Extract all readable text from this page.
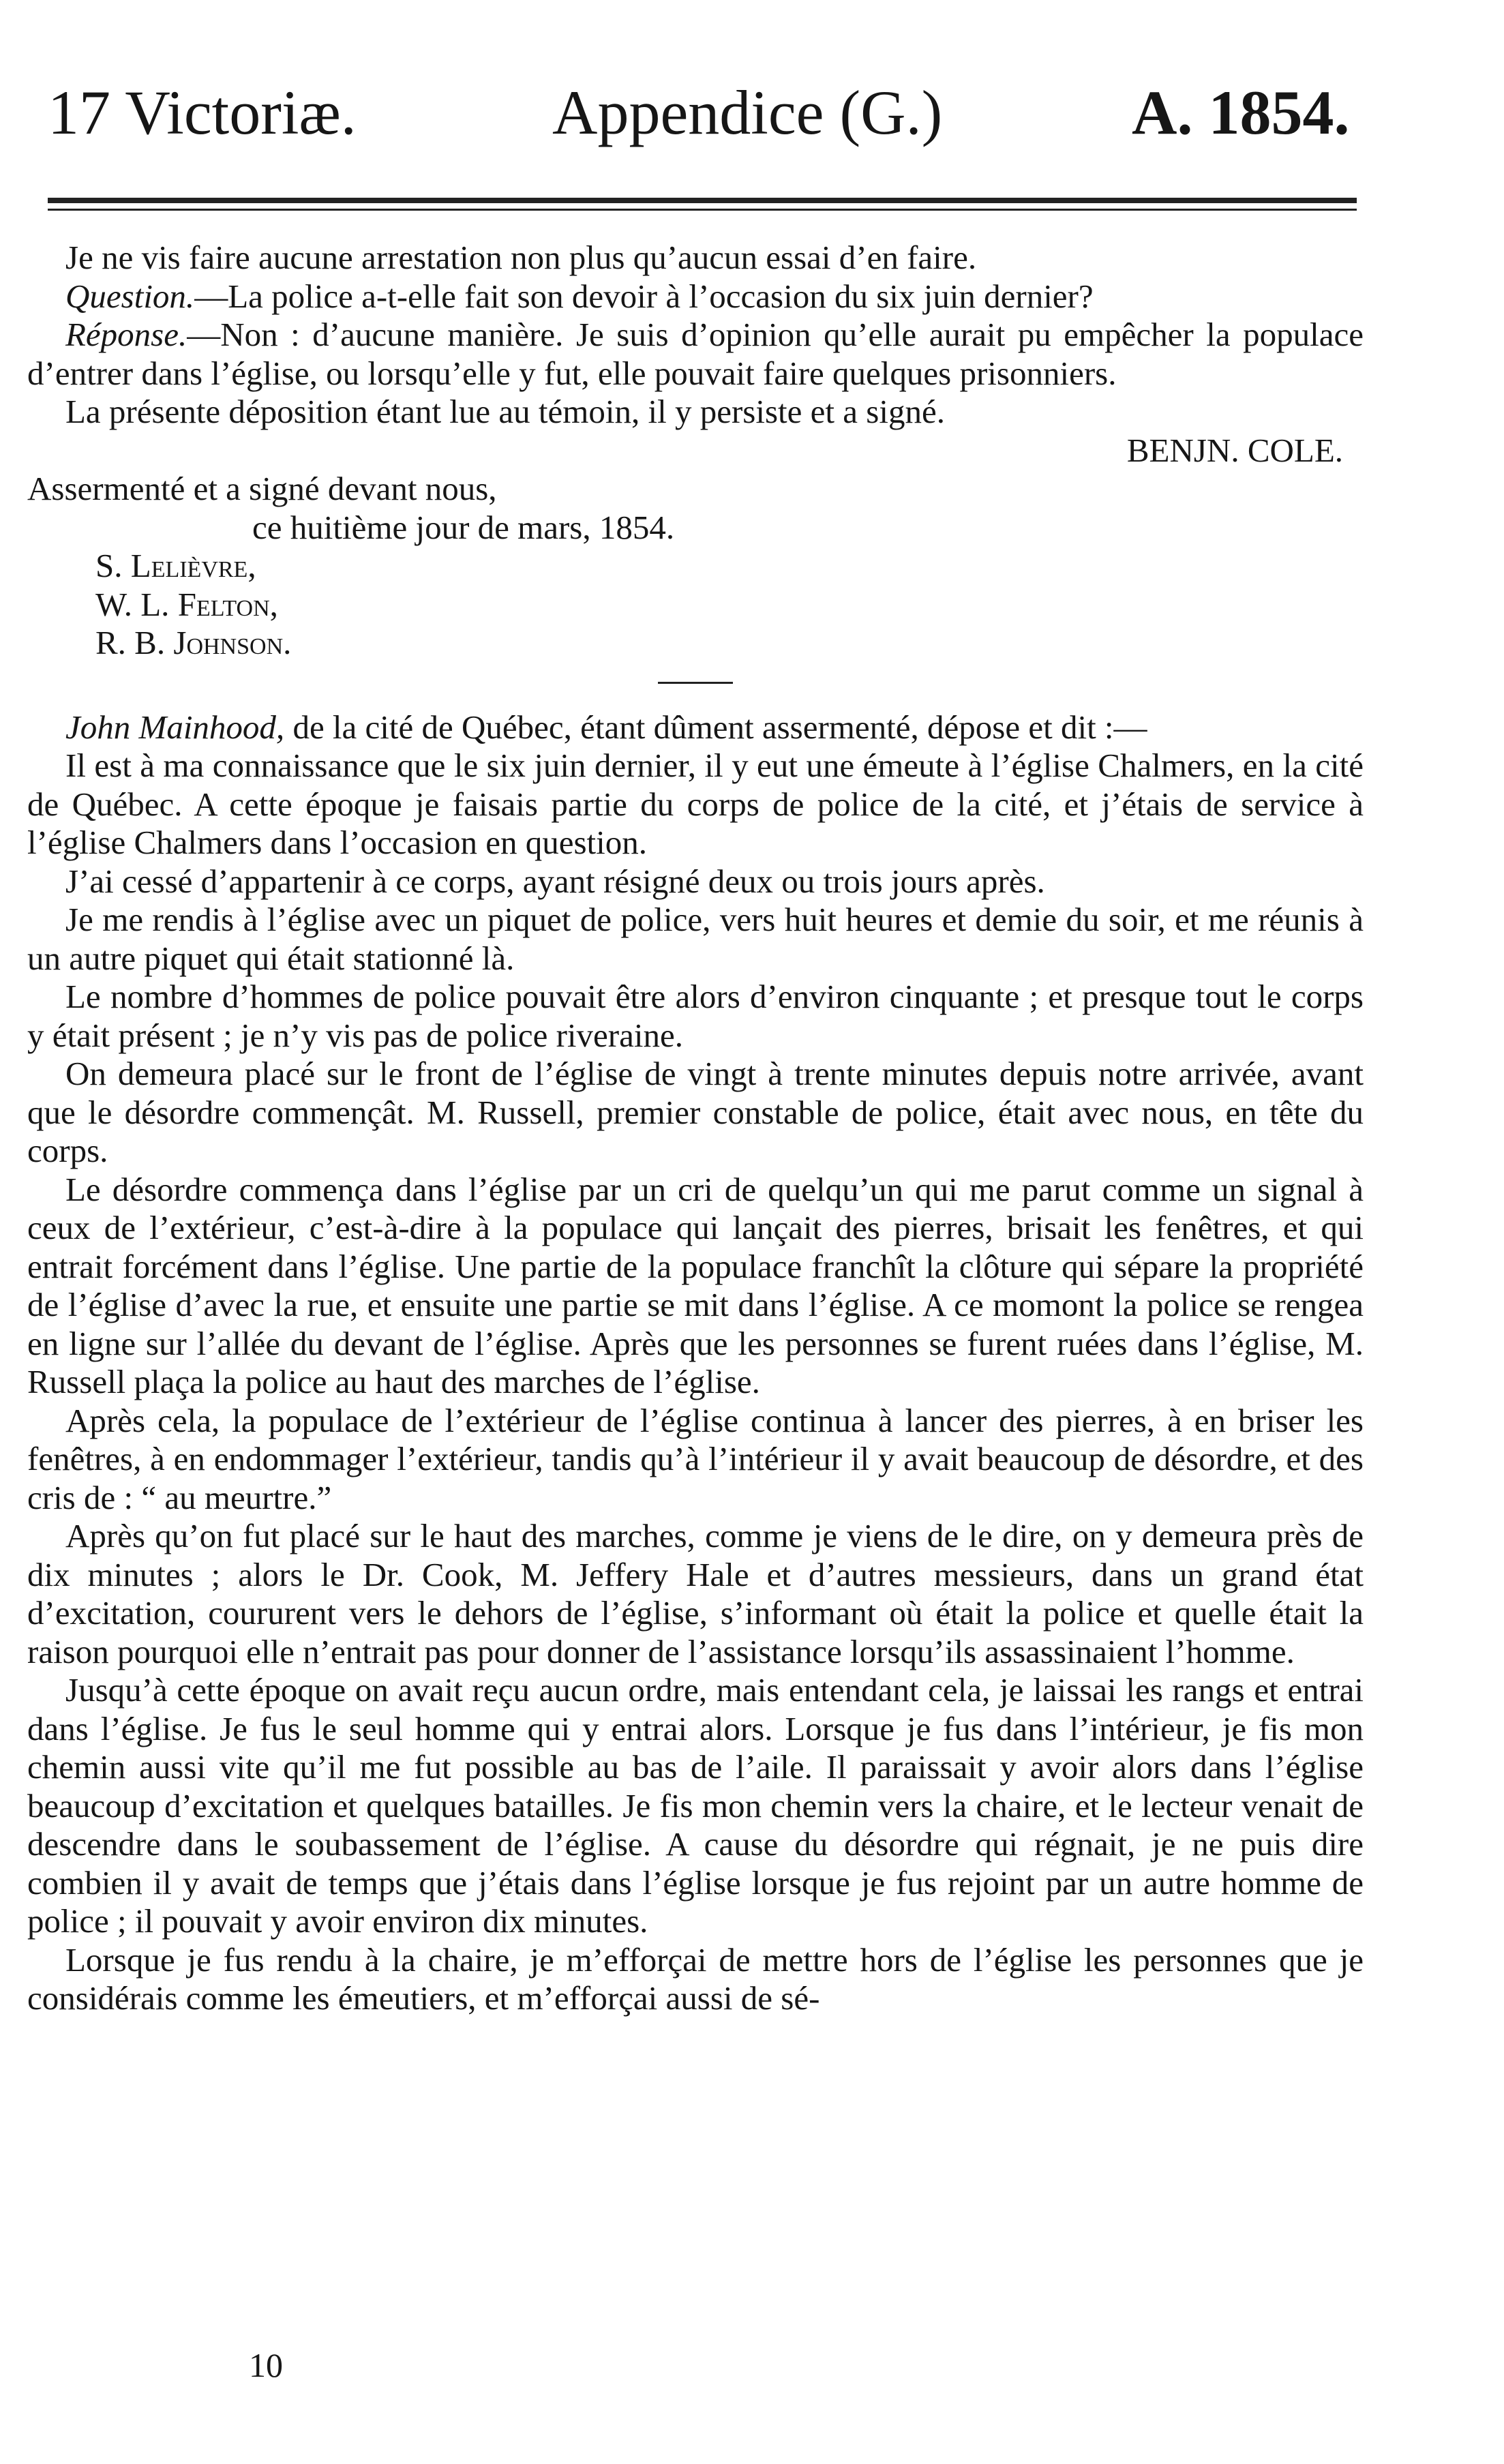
17 Victoriæ.	Appendice (G.)	A. 1854.

Je ne vis faire aucune arrestation non plus qu’aucun essai d’en faire.

Question.—La police a-t-elle fait son devoir à l’occasion du six juin dernier?

Réponse.—Non : d’aucune manière. Je suis d’opinion qu’elle aurait pu empêcher la populace d’entrer dans l’église, ou lorsqu’elle y fut, elle pouvait faire quelques prisonniers.

La présente déposition étant lue au témoin, il y persiste et a signé.

BENJN. COLE.

Assermenté et a signé devant nous,

ce huitième jour de mars, 1854.

S. Lelièvre,

W. L. Felton,

R. B. Johnson.

John Mainhood, de la cité de Québec, étant dûment assermenté, dépose et dit :—

Il est à ma connaissance que le six juin dernier, il y eut une émeute à l’église Chalmers, en la cité de Québec. A cette époque je faisais partie du corps de police de la cité, et j’étais de service à l’église Chalmers dans l’occasion en question.

J’ai cessé d’appartenir à ce corps, ayant résigné deux ou trois jours après.

Je me rendis à l’église avec un piquet de police, vers huit heures et demie du soir, et me réunis à un autre piquet qui était stationné là.

Le nombre d’hommes de police pouvait être alors d’environ cinquante ; et presque tout le corps y était présent ; je n’y vis pas de police riveraine.

On demeura placé sur le front de l’église de vingt à trente minutes depuis notre arrivée, avant que le désordre commençât. M. Russell, premier constable de police, était avec nous, en tête du corps.

Le désordre commença dans l’église par un cri de quelqu’un qui me parut comme un signal à ceux de l’extérieur, c’est-à-dire à la populace qui lançait des pierres, brisait les fenêtres, et qui entrait forcément dans l’église. Une partie de la populace franchît la clôture qui sépare la propriété de l’église d’avec la rue, et ensuite une partie se mit dans l’église. A ce momont la police se rengea en ligne sur l’allée du devant de l’église. Après que les personnes se furent ruées dans l’église, M. Russell plaça la police au haut des marches de l’église.

Après cela, la populace de l’extérieur de l’église continua à lancer des pierres, à en briser les fenêtres, à en endommager l’extérieur, tandis qu’à l’intérieur il y avait beaucoup de désordre, et des cris de : “ au meurtre.”

Après qu’on fut placé sur le haut des marches, comme je viens de le dire, on y demeura près de dix minutes ; alors le Dr. Cook, M. Jeffery Hale et d’autres messieurs, dans un grand état d’excitation, coururent vers le dehors de l’église, s’informant où était la police et quelle était la raison pourquoi elle n’entrait pas pour donner de l’assistance lorsqu’ils assassinaient l’homme.

Jusqu’à cette époque on avait reçu aucun ordre, mais entendant cela, je laissai les rangs et entrai dans l’église. Je fus le seul homme qui y entrai alors. Lorsque je fus dans l’intérieur, je fis mon chemin aussi vite qu’il me fut possible au bas de l’aile. Il paraissait y avoir alors dans l’église beaucoup d’excitation et quelques batailles. Je fis mon chemin vers la chaire, et le lecteur venait de descendre dans le soubassement de l’église. A cause du désordre qui régnait, je ne puis dire combien il y avait de temps que j’étais dans l’église lorsque je fus rejoint par un autre homme de police ; il pouvait y avoir environ dix minutes.

Lorsque je fus rendu à la chaire, je m’efforçai de mettre hors de l’église les personnes que je considérais comme les émeutiers, et m’efforçai aussi de sé-

10
